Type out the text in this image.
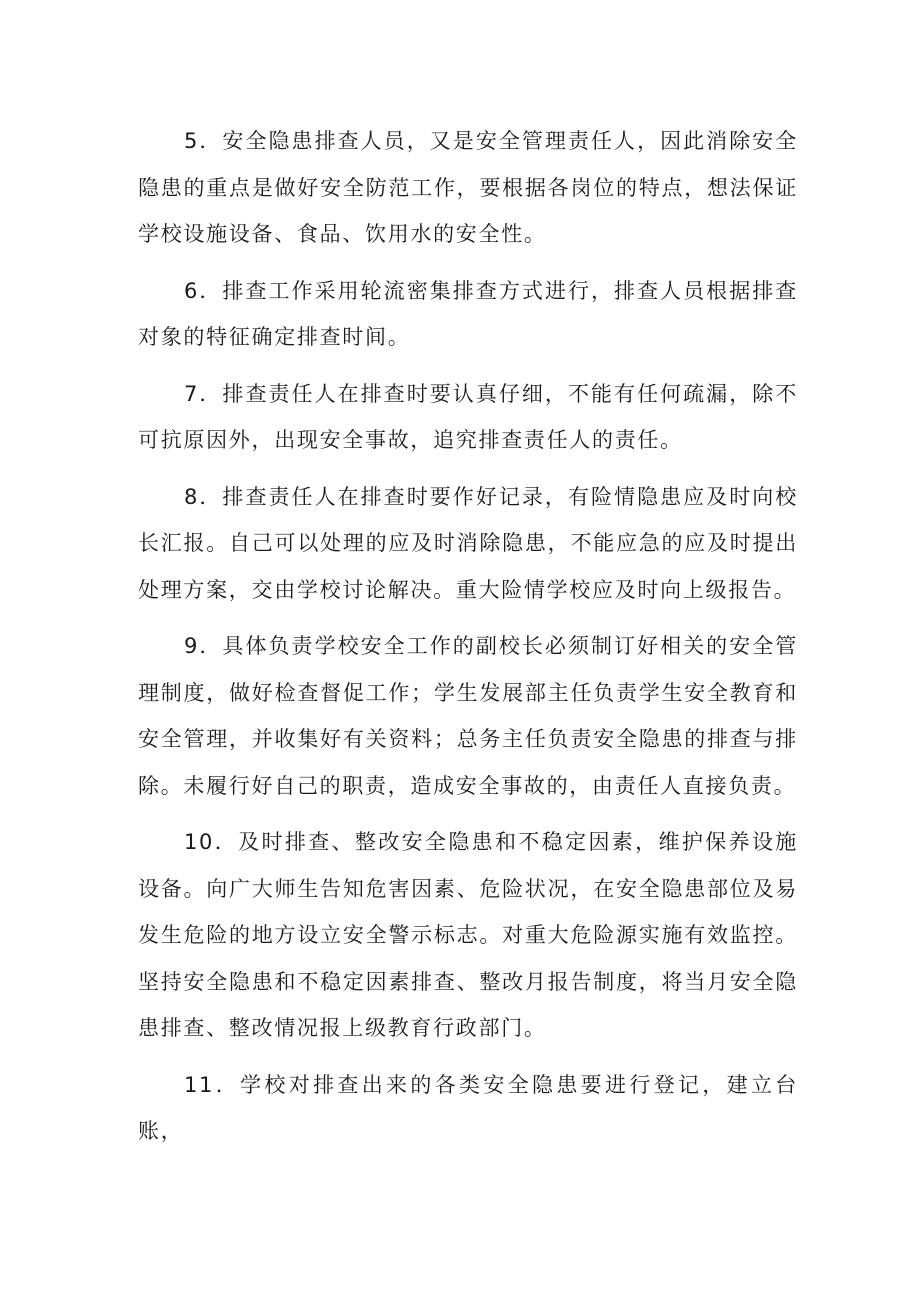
5．安全隐患排查人员，又是安全管理责任人，因此消除安全隐患的重点是做好安全防范工作，要根据各岗位的特点，想法保证学校设施设备、食品、饮用水的安全性。

6．排查工作采用轮流密集排查方式进行，排查人员根据排查对象的特征确定排查时间。

7．排查责任人在排查时要认真仔细，不能有任何疏漏，除不可抗原因外，出现安全事故，追究排查责任人的责任。

8．排查责任人在排查时要作好记录，有险情隐患应及时向校长汇报。自己可以处理的应及时消除隐患，不能应急的应及时提出处理方案，交由学校讨论解决。重大险情学校应及时向上级报告。

9．具体负责学校安全工作的副校长必须制订好相关的安全管理制度，做好检查督促工作；学生发展部主任负责学生安全教育和安全管理，并收集好有关资料；总务主任负责安全隐患的排查与排除。未履行好自己的职责，造成安全事故的，由责任人直接负责。

10．及时排查、整改安全隐患和不稳定因素，维护保养设施设备。向广大师生告知危害因素、危险状况，在安全隐患部位及易发生危险的地方设立安全警示标志。对重大危险源实施有效监控。坚持安全隐患和不稳定因素排查、整改月报告制度，将当月安全隐患排查、整改情况报上级教育行政部门。

11．学校对排查出来的各类安全隐患要进行登记，建立台账，
